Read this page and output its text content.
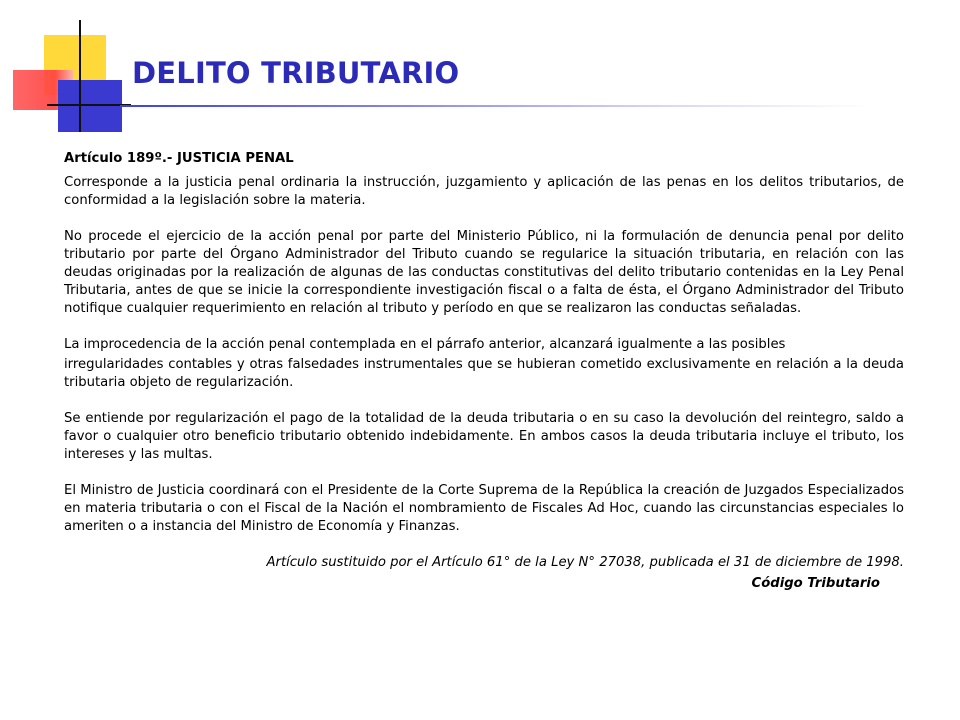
DELITO TRIBUTARIO

Artículo 189º.- JUSTICIA PENAL

Corresponde a la justicia penal ordinaria la instrucción, juzgamiento y aplicación de las penas en los delitos tributarios, de conformidad a la legislación sobre la materia.

No procede el ejercicio de la acción penal por parte del Ministerio Público, ni la formulación de denuncia penal por delito tributario por parte del Órgano Administrador del Tributo cuando se regularice la situación tributaria, en relación con las deudas originadas por la realización de algunas de las conductas constitutivas del delito tributario contenidas en la Ley Penal Tributaria, antes de que se inicie la correspondiente investigación fiscal o a falta de ésta, el Órgano Administrador del Tributo notifique cualquier requerimiento en relación al tributo y período en que se realizaron las conductas señaladas.

La improcedencia de la acción penal contemplada en el párrafo anterior, alcanzará igualmente a las posibles

irregularidades contables y otras falsedades instrumentales que se hubieran cometido exclusivamente en relación a la deuda tributaria objeto de regularización.

Se entiende por regularización el pago de la totalidad de la deuda tributaria o en su caso la devolución del reintegro, saldo a favor o cualquier otro beneficio tributario obtenido indebidamente. En ambos casos la deuda tributaria incluye el tributo, los intereses y las multas.

El Ministro de Justicia coordinará con el Presidente de la Corte Suprema de la República la creación de Juzgados Especializados en materia tributaria o con el Fiscal de la Nación el nombramiento de Fiscales Ad Hoc, cuando las circunstancias especiales lo ameriten o a instancia del Ministro de Economía y Finanzas.

Artículo sustituido por el Artículo 61° de la Ley N° 27038, publicada el 31 de diciembre de 1998.

Código Tributario
